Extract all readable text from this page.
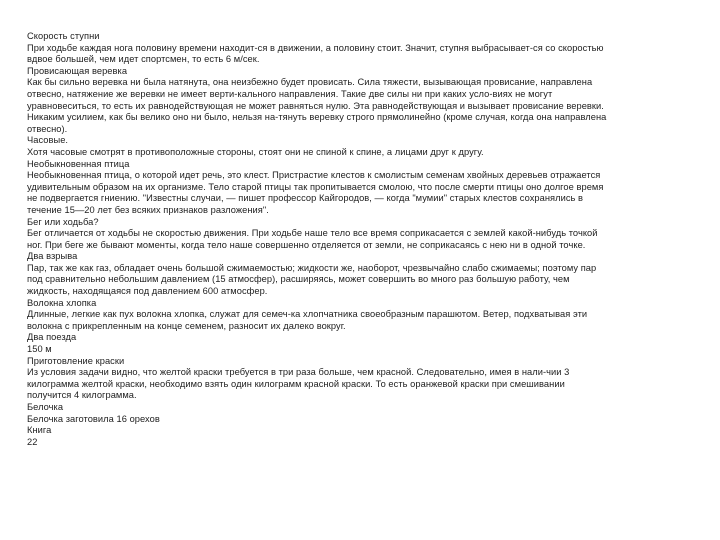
Скорость ступни
При ходьбе каждая нога половину времени находит-ся в движении, а половину стоит. Значит, ступня выбрасывает-ся со скоростью
вдвое большей, чем идет спортсмен, то есть 6 м/сек.
Провисающая веревка
Как бы сильно веревка ни была натянута, она неизбежно будет провисать. Сила тяжести, вызывающая провисание, направлена
отвесно, натяжение же веревки не имеет верти-кального направления. Такие две силы ни при каких усло-виях не могут
уравновеситься, то есть их равнодействующая не может равняться нулю. Эта равнодействующая и вызывает провисание веревки.
Никаким усилием, как бы велико оно ни было, нельзя на-тянуть веревку строго прямолинейно (кроме случая, когда она направлена
отвесно).
Часовые.
Хотя часовые смотрят в противоположные стороны, стоят они не спиной к спине, а лицами друг к другу.
Необыкновенная птица
Необыкновенная птица, о которой идет речь, это клест. Пристрастие клестов к смолистым семенам хвойных деревьев отражается
удивительным образом на их организме. Тело старой птицы так пропитывается смолою, что после смерти птицы оно долгое время
не подвергается гниению. "Известны случаи, — пишет профессор Кайгородов, — когда "мумии" старых клестов сохранялись в
течение 15—20 лет без всяких признаков разложения".
Бег или ходьба?
Бег отличается от ходьбы не скоростью движения. При ходьбе наше тело все время соприкасается с землей какой-нибудь точкой
ног. При беге же бывают моменты, когда тело наше совершенно отделяется от земли, не соприкасаясь с нею ни в одной точке.
Два взрыва
Пар, так же как газ, обладает очень большой сжимаемостью; жидкости же, наоборот, чрезвычайно слабо сжимаемы; поэтому пар
под сравнительно небольшим давлением (15 атмосфер), расширяясь, может совершить во много раз большую работу, чем
жидкость, находящаяся под давлением 600 атмосфер.
Волокна хлопка
Длинные, легкие как пух волокна хлопка, служат для семеч-ка хлопчатника своеобразным парашютом. Ветер, подхватывая эти
волокна с прикрепленным на конце семенем, разносит их далеко вокруг.
Два поезда
150 м
Приготовление краски
Из условия задачи видно, что желтой краски требуется в три раза больше, чем красной. Следовательно, имея в нали-чии 3
килограмма желтой краски, необходимо взять один килограмм красной краски. То есть оранжевой краски при смешивании
получится 4 килограмма.
Белочка
Белочка заготовила 16 орехов
Книга
22
